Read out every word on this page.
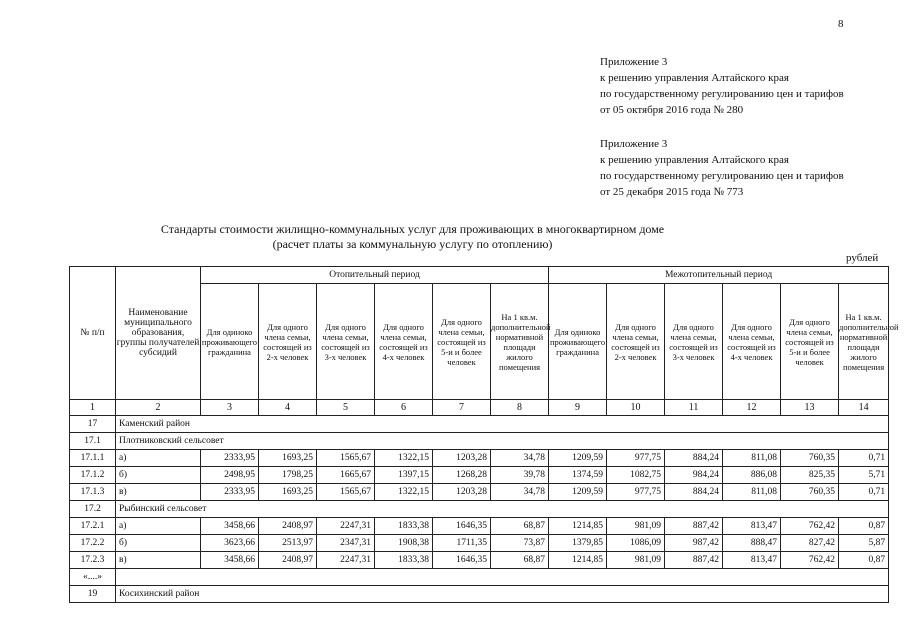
8
Приложение 3
к решению управления Алтайского края
по государственному регулированию цен и тарифов
от 05 октября 2016 года № 280
Приложение 3
к решению управления Алтайского края
по государственному регулированию цен и тарифов
от 25 декабря 2015 года № 773
Стандарты стоимости жилищно-коммунальных услуг для проживающих в многоквартирном доме
(расчет платы за коммунальную услугу по отоплению)
рублей
№ п/п	Наименование муниципального образования, группы получателей субсидий	Отопительный период						Межотопительный период					
		Для одиноко проживающего гражданина	Для одного члена семьи, состоящей из 2-х человек	Для одного члена семьи, состоящей из 3-х человек	Для одного члена семьи, состоящей из 4-х человек	Для одного члена семьи, состоящей из 5-и и более человек	На 1 кв.м. дополнительной нормативной площади жилого помещения	Для одиноко проживающего гражданина	Для одного члена семьи, состоящей из 2-х человек	Для одного члена семьи, состоящей из 3-х человек	Для одного члена семьи, состоящей из 4-х человек	Для одного члена семьи, состоящей из 5-и и более человек	На 1 кв.м. дополнительной нормативной площади жилого помещения
1	2	3	4	5	6	7	8	9	10	11	12	13	14
17	Каменский район												
17.1	Плотниковский сельсовет												
17.1.1	а)	2333,95	1693,25	1565,67	1322,15	1203,28	34,78	1209,59	977,75	884,24	811,08	760,35	0,71
17.1.2	б)	2498,95	1798,25	1665,67	1397,15	1268,28	39,78	1374,59	1082,75	984,24	886,08	825,35	5,71
17.1.3	в)	2333,95	1693,25	1565,67	1322,15	1203,28	34,78	1209,59	977,75	884,24	811,08	760,35	0,71
17.2	Рыбинский сельсовет												
17.2.1	а)	3458,66	2408,97	2247,31	1833,38	1646,35	68,87	1214,85	981,09	887,42	813,47	762,42	0,87
17.2.2	б)	3623,66	2513,97	2347,31	1908,38	1711,35	73,87	1379,85	1086,09	987,42	888,47	827,42	5,87
17.2.3	в)	3458,66	2408,97	2247,31	1833,38	1646,35	68,87	1214,85	981,09	887,42	813,47	762,42	0,87
«....»													
19	Косихинский район												
